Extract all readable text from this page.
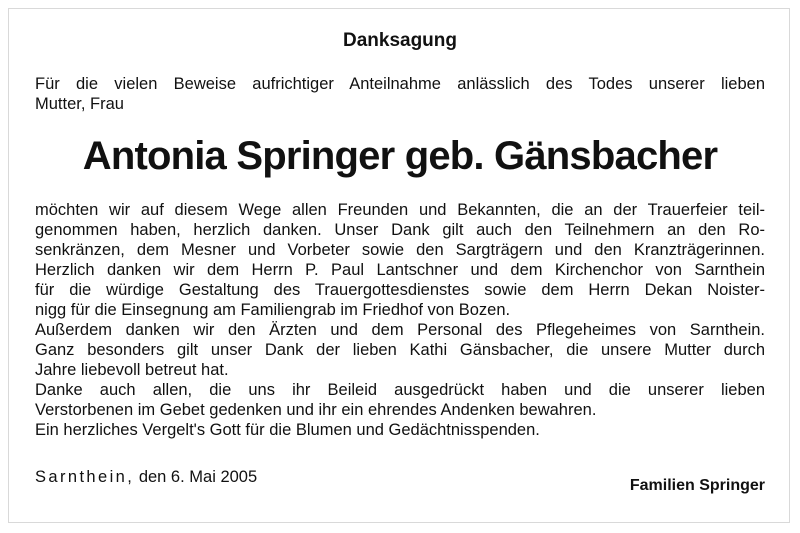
Danksagung
Für die vielen Beweise aufrichtiger Anteilnahme anlässlich des Todes unserer lieben
Mutter, Frau
Antonia Springer geb. Gänsbacher
möchten wir auf diesem Wege allen Freunden und Bekannten, die an der Trauerfeier teil-
genommen haben, herzlich danken. Unser Dank gilt auch den Teilnehmern an den Ro-
senkränzen, dem Mesner und Vorbeter sowie den Sargträgern und den Kranzträgerinnen.
Herzlich danken wir dem Herrn P. Paul Lantschner und dem Kirchenchor von Sarnthein
für die würdige Gestaltung des Trauergottesdienstes sowie dem Herrn Dekan Noister-
nigg für die Einsegnung am Familiengrab im Friedhof von Bozen.
Außerdem danken wir den Ärzten und dem Personal des Pflegeheimes von Sarnthein.
Ganz besonders gilt unser Dank der lieben Kathi Gänsbacher, die unsere Mutter durch
Jahre liebevoll betreut hat.
Danke auch allen, die uns ihr Beileid ausgedrückt haben und die unserer lieben
Verstorbenen im Gebet gedenken und ihr ein ehrendes Andenken bewahren.
Ein herzliches Vergelt's Gott für die Blumen und Gedächtnisspenden.
Sarnthein, den 6. Mai 2005	Familien Springer
